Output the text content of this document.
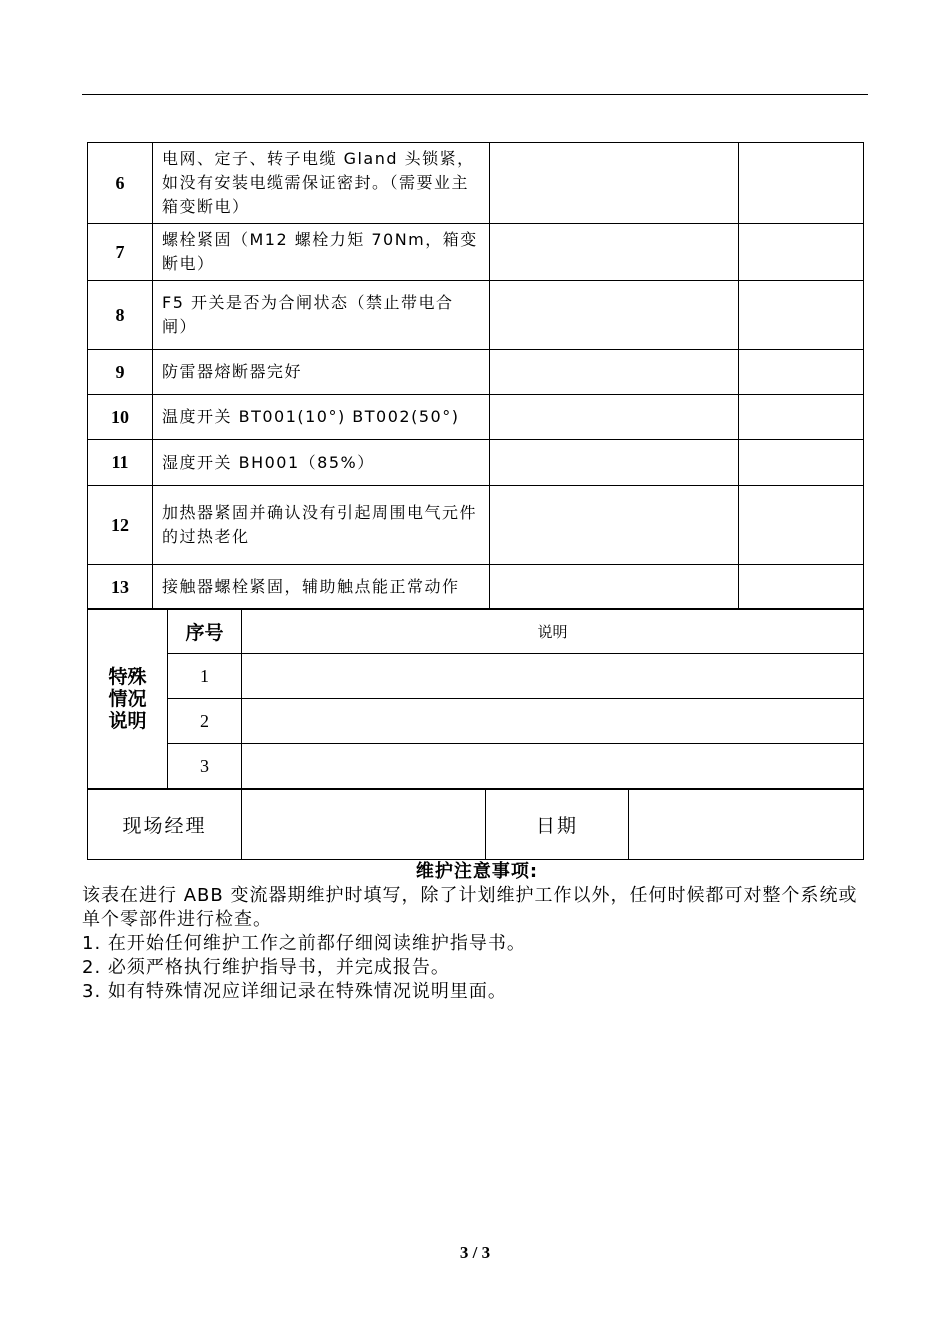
6	电网、定子、转子电缆 Gland 头锁紧，如没有安装电缆需保证密封。（需要业主箱变断电）		
7	螺栓紧固（M12 螺栓力矩 70Nm，箱变断电）		
8	F5 开关是否为合闸状态（禁止带电合闸）		
9	防雷器熔断器完好		
10	温度开关 BT001(10°) BT002(50°)		
11	湿度开关 BH001（85%）		
12	加热器紧固并确认没有引起周围电气元件的过热老化		
13	接触器螺栓紧固，辅助触点能正常动作		
特殊情况说明	序号	说明
	1	
	2	
	3	
现场经理		日期	
维护注意事项:

该表在进行 ABB 变流器期维护时填写，除了计划维护工作以外，任何时候都可对整个系统或单个零部件进行检查。

1. 在开始任何维护工作之前都仔细阅读维护指导书。

2. 必须严格执行维护指导书，并完成报告。

3. 如有特殊情况应详细记录在特殊情况说明里面。

3 / 3
